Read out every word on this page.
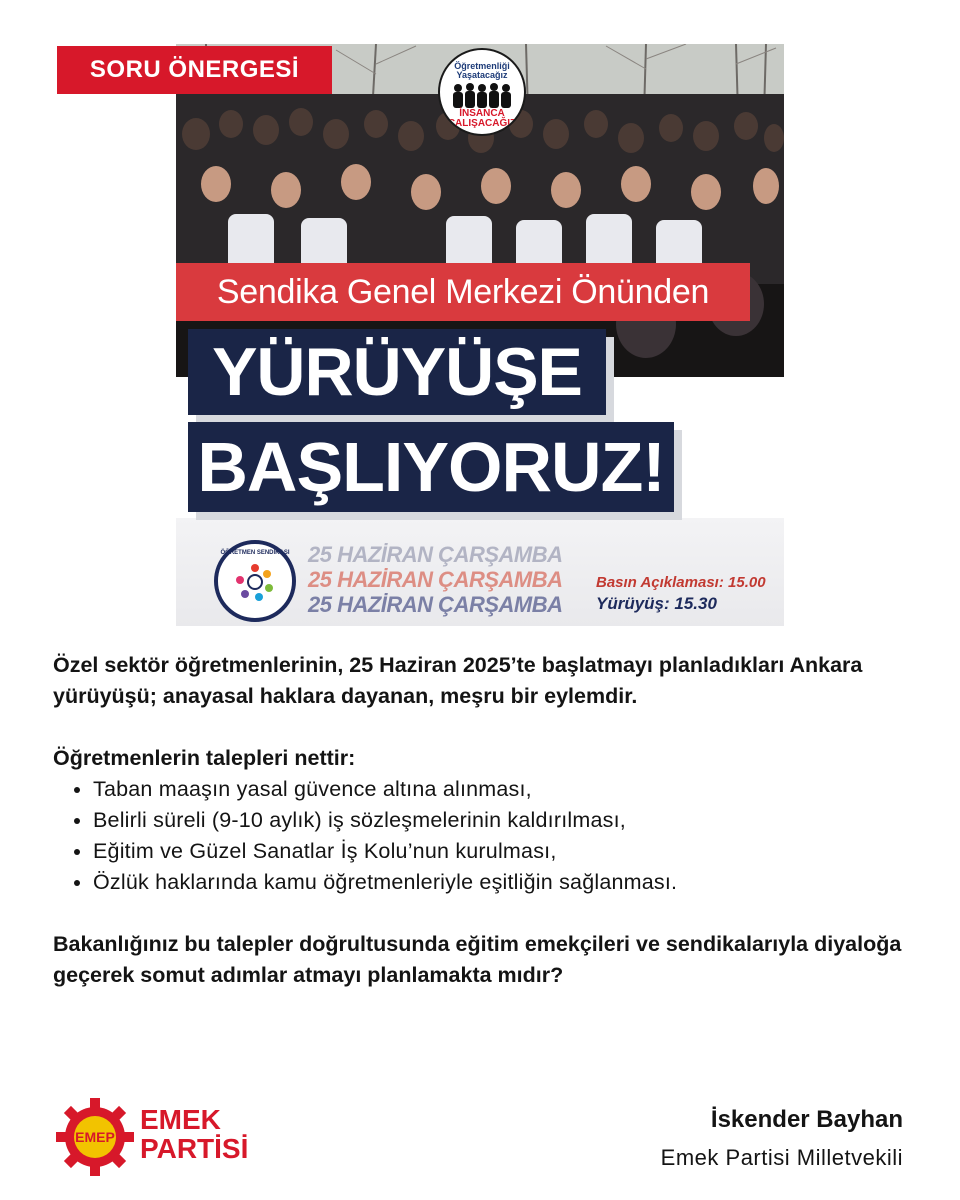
SORU ÖNERGESİ	Öğretmenliği Yaşatacağız
İNSANCA ÇALIŞACAĞIZ
Sendika Genel Merkezi Önünden
YÜRÜYÜŞE
BAŞLIYORUZ!
ÖĞRETMEN SENDİKASI 25 HAZİRAN ÇARŞAMBA
25 HAZİRAN ÇARŞAMBA
25 HAZİRAN ÇARŞAMBA
Basın Açıklaması: 15.00
Yürüyüş: 15.30

Özel sektör öğretmenlerinin, 25 Haziran 2025’te başlatmayı planladıkları Ankara yürüyüşü; anayasal haklara dayanan, meşru bir eylemdir.

Öğretmenlerin talepleri nettir:

• Taban maaşın yasal güvence altına alınması,
• Belirli süreli (9-10 aylık) iş sözleşmelerinin kaldırılması,
• Eğitim ve Güzel Sanatlar İş Kolu’nun kurulması,
• Özlük haklarında kamu öğretmenleriyle eşitliğin sağlanması.

Bakanlığınız bu talepler doğrultusunda eğitim emekçileri ve sendikalarıyla diyaloğa geçerek somut adımlar atmayı planlamakta mıdır?

EMEP
EMEK
PARTİSİ
İskender Bayhan
Emek Partisi Milletvekili
